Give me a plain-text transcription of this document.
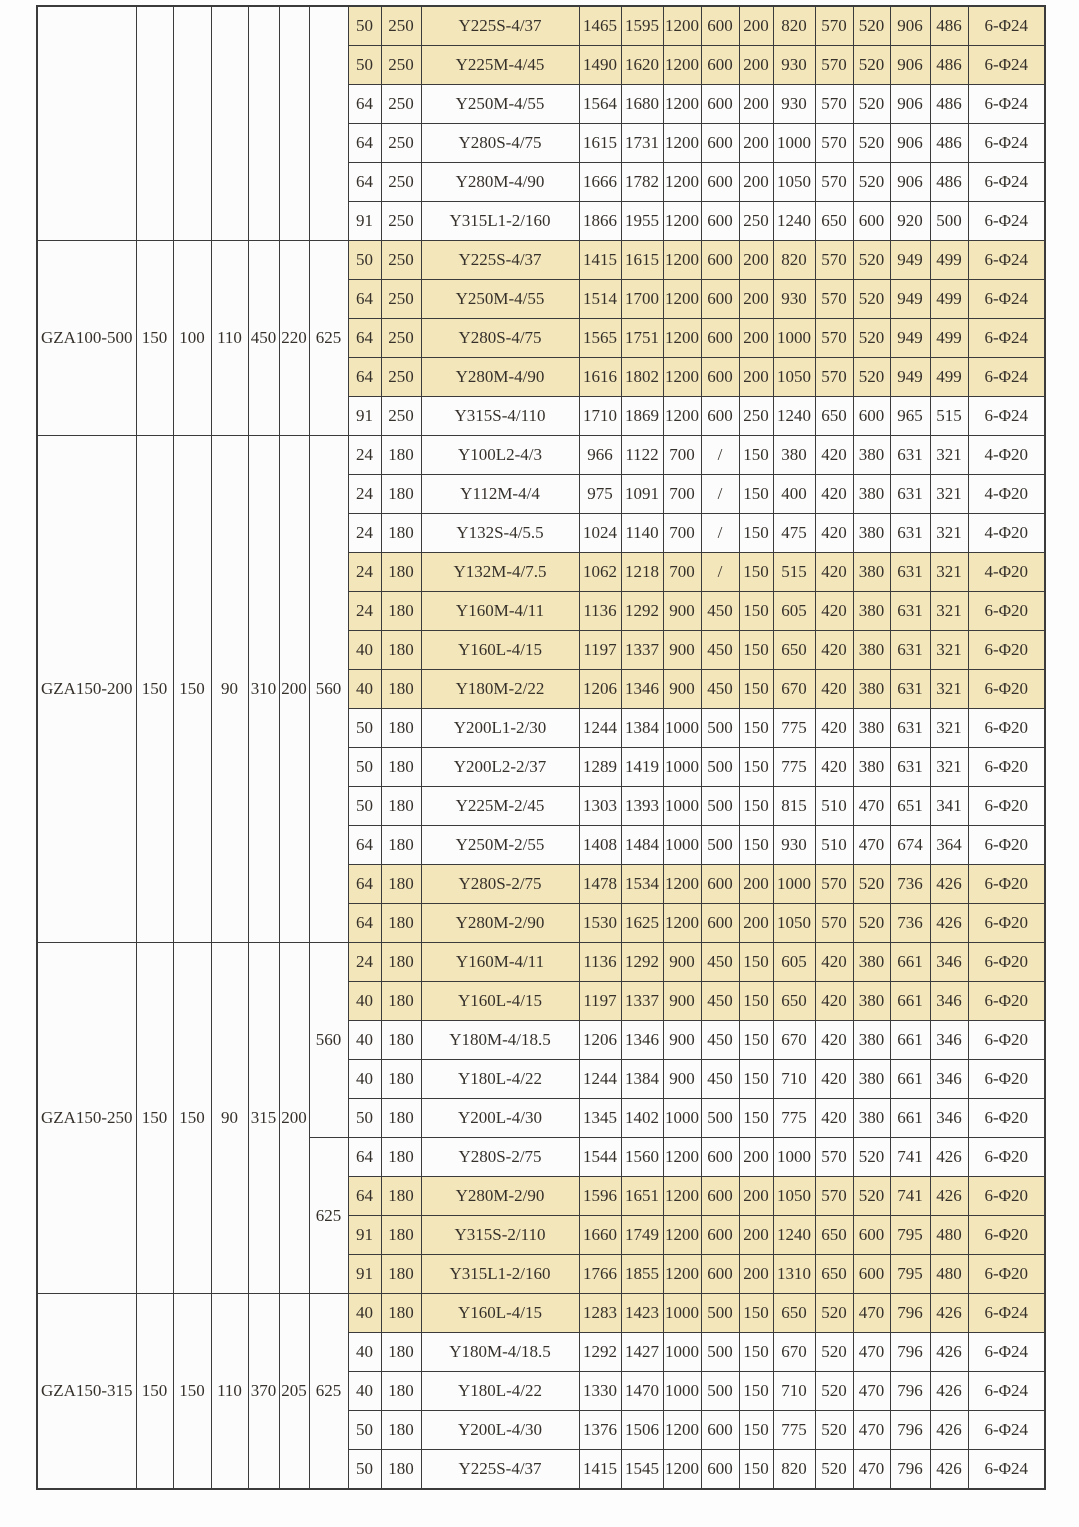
							50	250	Y225S-4/37	1465	1595	1200	600	200	820	570	520	906	486	6-Φ24
							50	250	Y225M-4/45	1490	1620	1200	600	200	930	570	520	906	486	6-Φ24
							64	250	Y250M-4/55	1564	1680	1200	600	200	930	570	520	906	486	6-Φ24
							64	250	Y280S-4/75	1615	1731	1200	600	200	1000	570	520	906	486	6-Φ24
							64	250	Y280M-4/90	1666	1782	1200	600	200	1050	570	520	906	486	6-Φ24
							91	250	Y315L1-2/160	1866	1955	1200	600	250	1240	650	600	920	500	6-Φ24
GZA100-500	150	100	110	450	220	625	50	250	Y225S-4/37	1415	1615	1200	600	200	820	570	520	949	499	6-Φ24
							64	250	Y250M-4/55	1514	1700	1200	600	200	930	570	520	949	499	6-Φ24
							64	250	Y280S-4/75	1565	1751	1200	600	200	1000	570	520	949	499	6-Φ24
							64	250	Y280M-4/90	1616	1802	1200	600	200	1050	570	520	949	499	6-Φ24
							91	250	Y315S-4/110	1710	1869	1200	600	250	1240	650	600	965	515	6-Φ24
GZA150-200	150	150	90	310	200	560	24	180	Y100L2-4/3	966	1122	700	/	150	380	420	380	631	321	4-Φ20
							24	180	Y112M-4/4	975	1091	700	/	150	400	420	380	631	321	4-Φ20
							24	180	Y132S-4/5.5	1024	1140	700	/	150	475	420	380	631	321	4-Φ20
							24	180	Y132M-4/7.5	1062	1218	700	/	150	515	420	380	631	321	4-Φ20
							24	180	Y160M-4/11	1136	1292	900	450	150	605	420	380	631	321	6-Φ20
							40	180	Y160L-4/15	1197	1337	900	450	150	650	420	380	631	321	6-Φ20
							40	180	Y180M-2/22	1206	1346	900	450	150	670	420	380	631	321	6-Φ20
							50	180	Y200L1-2/30	1244	1384	1000	500	150	775	420	380	631	321	6-Φ20
							50	180	Y200L2-2/37	1289	1419	1000	500	150	775	420	380	631	321	6-Φ20
							50	180	Y225M-2/45	1303	1393	1000	500	150	815	510	470	651	341	6-Φ20
							64	180	Y250M-2/55	1408	1484	1000	500	150	930	510	470	674	364	6-Φ20
							64	180	Y280S-2/75	1478	1534	1200	600	200	1000	570	520	736	426	6-Φ20
							64	180	Y280M-2/90	1530	1625	1200	600	200	1050	570	520	736	426	6-Φ20
GZA150-250	150	150	90	315	200	560	24	180	Y160M-4/11	1136	1292	900	450	150	605	420	380	661	346	6-Φ20
							40	180	Y160L-4/15	1197	1337	900	450	150	650	420	380	661	346	6-Φ20
							40	180	Y180M-4/18.5	1206	1346	900	450	150	670	420	380	661	346	6-Φ20
							40	180	Y180L-4/22	1244	1384	900	450	150	710	420	380	661	346	6-Φ20
							50	180	Y200L-4/30	1345	1402	1000	500	150	775	420	380	661	346	6-Φ20
						625	64	180	Y280S-2/75	1544	1560	1200	600	200	1000	570	520	741	426	6-Φ20
							64	180	Y280M-2/90	1596	1651	1200	600	200	1050	570	520	741	426	6-Φ20
							91	180	Y315S-2/110	1660	1749	1200	600	200	1240	650	600	795	480	6-Φ20
							91	180	Y315L1-2/160	1766	1855	1200	600	200	1310	650	600	795	480	6-Φ20
GZA150-315	150	150	110	370	205	625	40	180	Y160L-4/15	1283	1423	1000	500	150	650	520	470	796	426	6-Φ24
							40	180	Y180M-4/18.5	1292	1427	1000	500	150	670	520	470	796	426	6-Φ24
							40	180	Y180L-4/22	1330	1470	1000	500	150	710	520	470	796	426	6-Φ24
							50	180	Y200L-4/30	1376	1506	1200	600	150	775	520	470	796	426	6-Φ24
							50	180	Y225S-4/37	1415	1545	1200	600	150	820	520	470	796	426	6-Φ24
